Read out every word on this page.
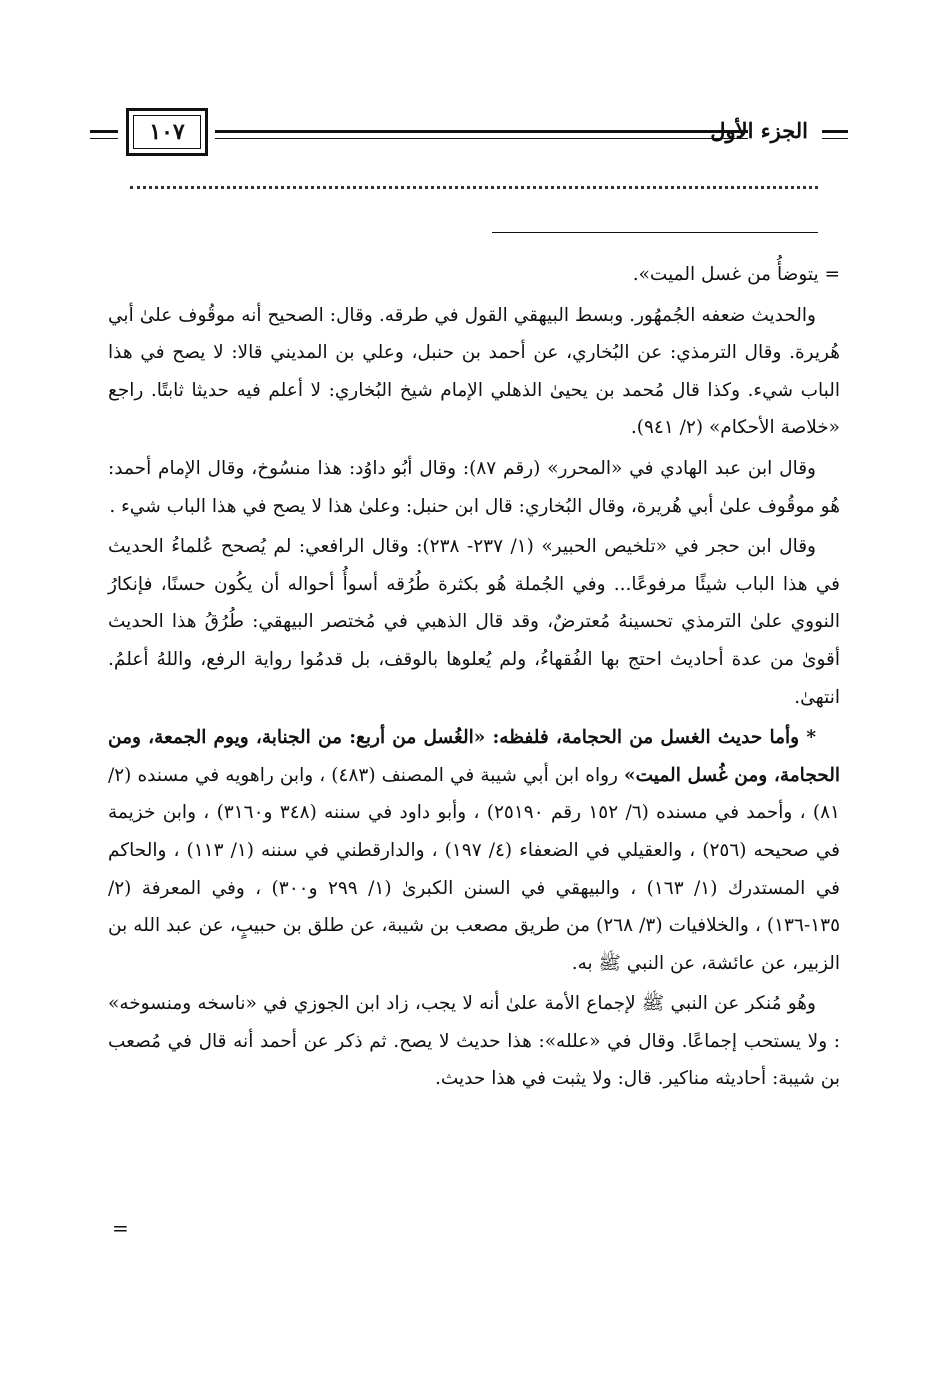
١٠٧	الجزء الأول

= يتوضأُ من غسل الميت».

والحديث ضعفه الجُمهُور. وبسط البيهقي القول في طرقه. وقال: الصحيح أنه موقُوف علىٰ أبي هُريرة. وقال الترمذي: عن البُخاري، عن أحمد بن حنبل، وعلي بن المديني قالا: لا يصح في هذا الباب شيء. وكذا قال مُحمد بن يحيىٰ الذهلي الإمام شيخ البُخاري: لا أعلم فيه حديثا ثابتًا. راجع «خلاصة الأحكام» (٢/ ٩٤١).

وقال ابن عبد الهادي في «المحرر» (رقم ٨٧): وقال أبُو داوُد: هذا منسُوخ، وقال الإمام أحمد: هُو موقُوف علىٰ أبي هُريرة، وقال البُخاري: قال ابن حنبل: وعلىٰ هذا لا يصح في هذا الباب شيء .

وقال ابن حجر في «تلخيص الحبير» (١/ ٢٣٧- ٢٣٨): وقال الرافعي: لم يُصحح عُلماءُ الحديث في هذا الباب شيئًا مرفوعًا... وفي الجُملة هُو بكثرة طُرُقه أسوأُ أحواله أن يكُون حسنًا، فإنكارُ النووي علىٰ الترمذي تحسينهُ مُعترضٌ، وقد قال الذهبي في مُختصر البيهقي: طُرُقُ هذا الحديث أقوىٰ من عدة أحاديث احتج بها الفُقهاءُ، ولم يُعلوها بالوقف، بل قدمُوا رواية الرفع، واللهُ أعلمُ. انتهىٰ.

* وأما حديث الغسل من الحجامة، فلفظه: «الغُسل من أربع: من الجنابة، ويوم الجمعة، ومن الحجامة، ومن غُسل الميت» رواه ابن أبي شيبة في المصنف (٤٨٣) ، وابن راهويه في مسنده (٢/ ٨١) ، وأحمد في مسنده (٦/ ١٥٢ رقم ٢٥١٩٠) ، وأبو داود في سننه (٣٤٨ و٣١٦٠) ، وابن خزيمة في صحيحه (٢٥٦) ، والعقيلي في الضعفاء (٤/ ١٩٧) ، والدارقطني في سننه (١/ ١١٣) ، والحاكم في المستدرك (١/ ١٦٣) ، والبيهقي في السنن الكبرىٰ (١/ ٢٩٩ و٣٠٠) ، وفي المعرفة (٢/ ١٣٥-١٣٦) ، والخلافيات (٣/ ٢٦٨) من طريق مصعب بن شيبة، عن طلق بن حبيبٍ، عن عبد الله بن الزبير، عن عائشة، عن النبي ﷺ به.

وهُو مُنكر عن النبي ﷺ لإجماع الأمة علىٰ أنه لا يجب، زاد ابن الجوزي في «ناسخه ومنسوخه» : ولا يستحب إجماعًا. وقال في «علله»: هذا حديث لا يصح. ثم ذكر عن أحمد أنه قال في مُصعب بن شيبة: أحاديثه مناكير. قال: ولا يثبت في هذا حديث.

=
